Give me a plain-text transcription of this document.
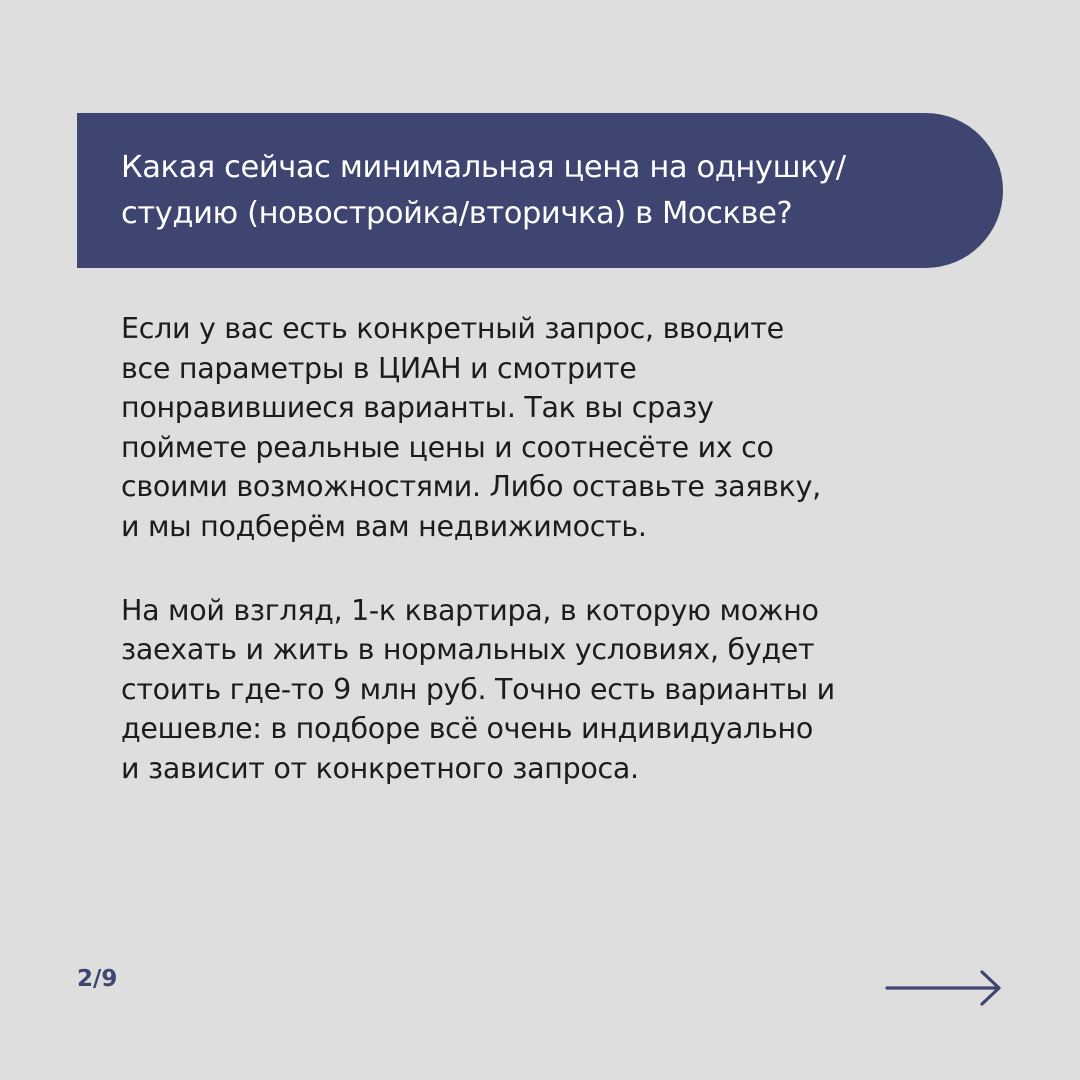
Какая сейчас минимальная цена на однушку/
студию (новостройка/вторичка) в Москве?
Если у вас есть конкретный запрос, вводите
все параметры в ЦИАН и смотрите
понравившиеся варианты. Так вы сразу
поймете реальные цены и соотнесёте их со
своими возможностями. Либо оставьте заявку,
и мы подберём вам недвижимость.
На мой взгляд, 1-к квартира, в которую можно
заехать и жить в нормальных условиях, будет
стоить где-то 9 млн руб. Точно есть варианты и
дешевле: в подборе всё очень индивидуально
и зависит от конкретного запроса.
2/9
